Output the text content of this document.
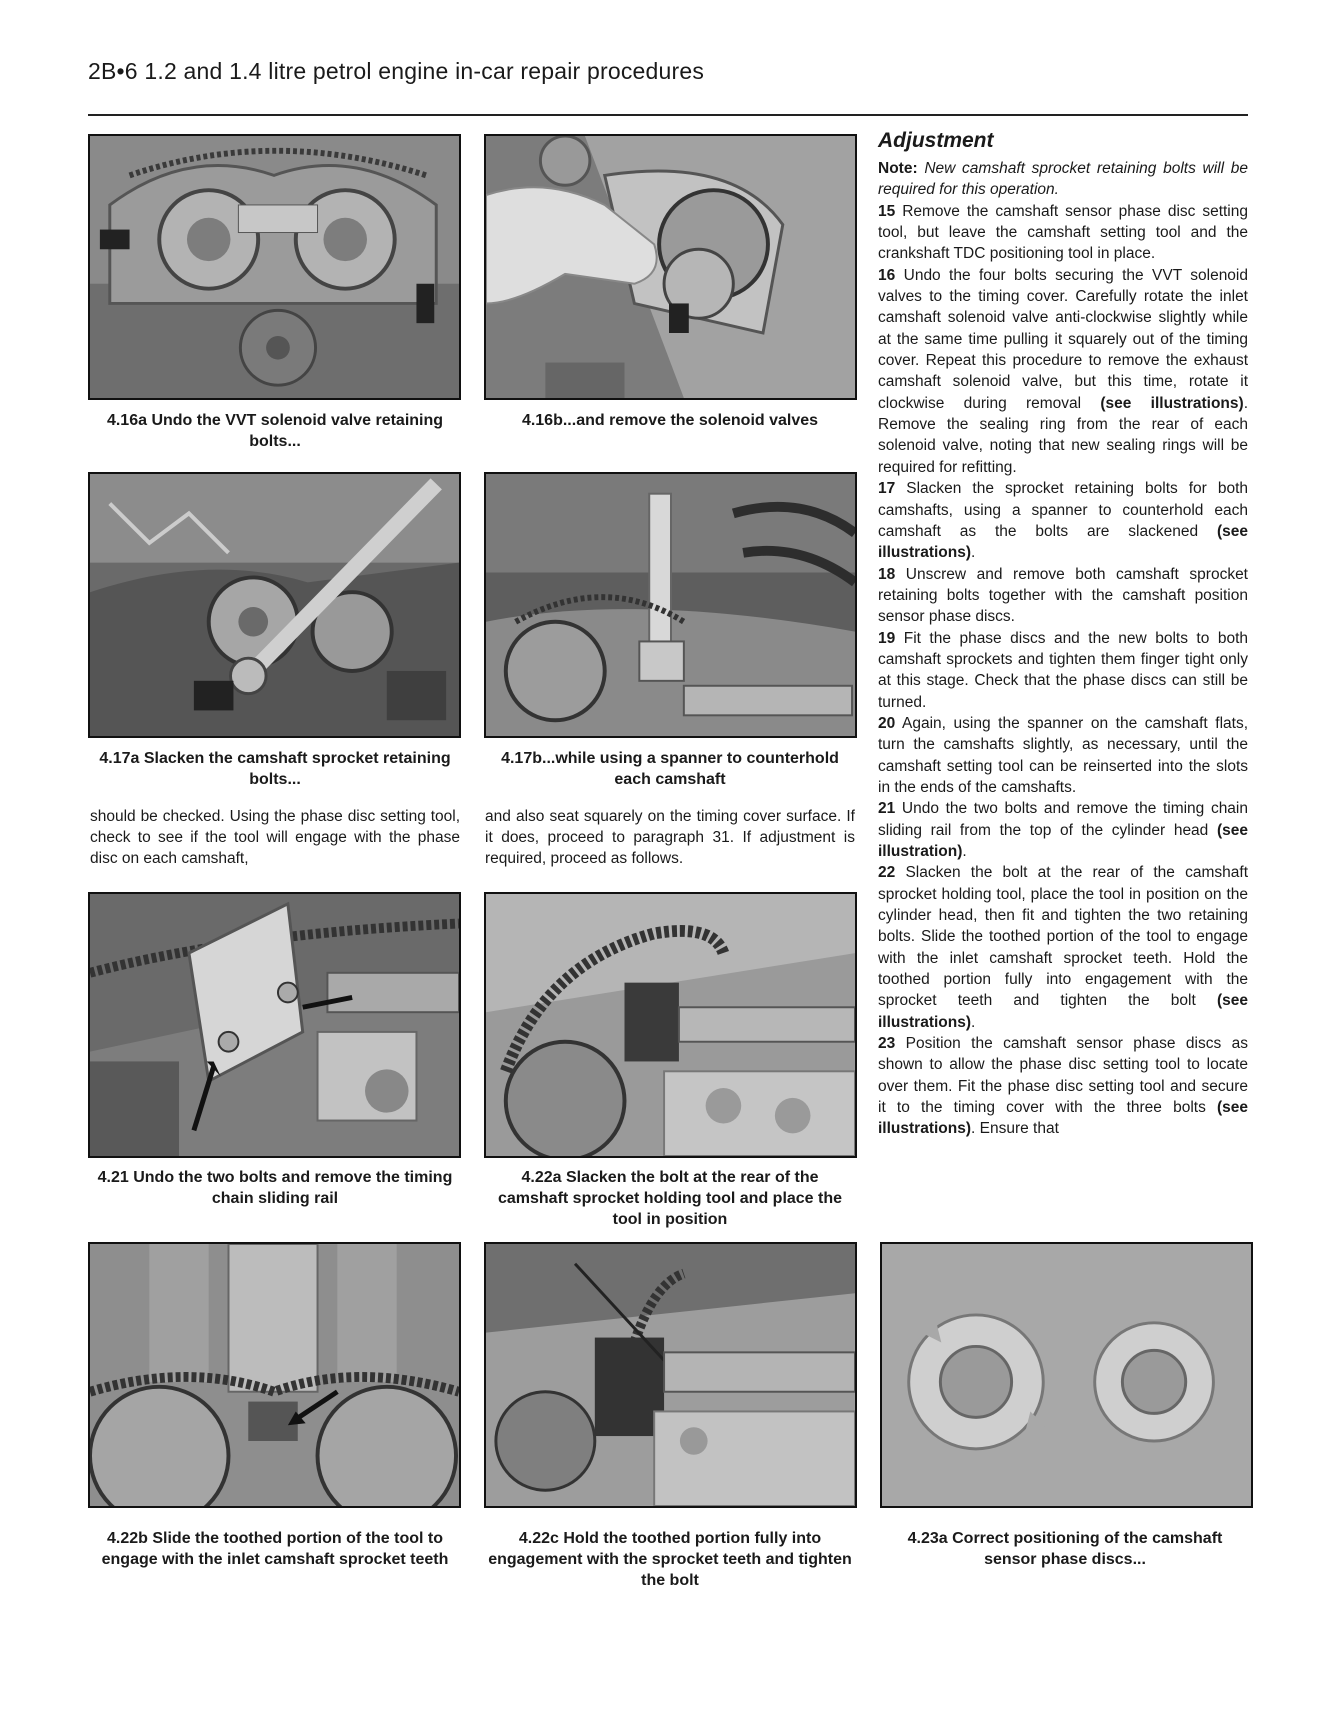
2B•6 1.2 and 1.4 litre petrol engine in-car repair procedures
4.16a Undo the VVT solenoid valve retaining bolts...
4.16b...and remove the solenoid valves
4.17a Slacken the camshaft sprocket retaining bolts...
4.17b...while using a spanner to counterhold each camshaft

should be checked. Using the phase disc setting tool, check to see if the tool will engage with the phase disc on each camshaft,

and also seat squarely on the timing cover surface. If it does, proceed to paragraph 31. If adjustment is required, proceed as follows.

4.21 Undo the two bolts and remove the timing chain sliding rail
4.22a Slacken the bolt at the rear of the camshaft sprocket holding tool and place the tool in position
4.22b Slide the toothed portion of the tool to engage with the inlet camshaft sprocket teeth
4.22c Hold the toothed portion fully into engagement with the sprocket teeth and tighten the bolt
4.23a Correct positioning of the camshaft sensor phase discs...
Adjustment

Note: New camshaft sprocket retaining bolts will be required for this operation.

15 Remove the camshaft sensor phase disc setting tool, but leave the camshaft setting tool and the crankshaft TDC positioning tool in place.

16 Undo the four bolts securing the VVT solenoid valves to the timing cover. Carefully rotate the inlet camshaft solenoid valve anti-clockwise slightly while at the same time pulling it squarely out of the timing cover. Repeat this procedure to remove the exhaust camshaft solenoid valve, but this time, rotate it clockwise during removal (see illustrations). Remove the sealing ring from the rear of each solenoid valve, noting that new sealing rings will be required for refitting.

17 Slacken the sprocket retaining bolts for both camshafts, using a spanner to counterhold each camshaft as the bolts are slackened (see illustrations).

18 Unscrew and remove both camshaft sprocket retaining bolts together with the camshaft position sensor phase discs.

19 Fit the phase discs and the new bolts to both camshaft sprockets and tighten them finger tight only at this stage. Check that the phase discs can still be turned.

20 Again, using the spanner on the camshaft flats, turn the camshafts slightly, as necessary, until the camshaft setting tool can be reinserted into the slots in the ends of the camshafts.

21 Undo the two bolts and remove the timing chain sliding rail from the top of the cylinder head (see illustration).

22 Slacken the bolt at the rear of the camshaft sprocket holding tool, place the tool in position on the cylinder head, then fit and tighten the two retaining bolts. Slide the toothed portion of the tool to engage with the inlet camshaft sprocket teeth. Hold the toothed portion fully into engagement with the sprocket teeth and tighten the bolt (see illustrations).

23 Position the camshaft sensor phase discs as shown to allow the phase disc setting tool to locate over them. Fit the phase disc setting tool and secure it to the timing cover with the three bolts (see illustrations). Ensure that
